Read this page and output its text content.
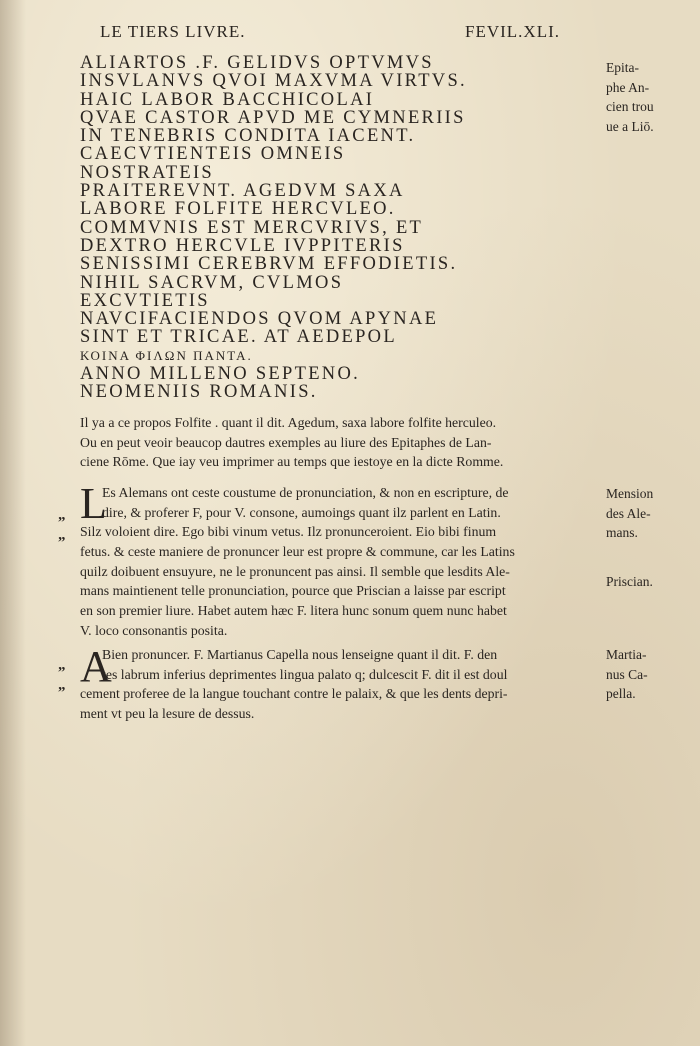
LE TIERS LIVRE.	FEVIL.XLI.
ALIARTOS .F. GELIDVS OPTVMVS
INSVLANVS QVOI MAXVMA VIRTVS.
HAIC LABOR BACCHICOLAI
QVAE CASTOR APVD ME CYMNERIIS
IN TENEBRIS CONDITA IACENT.
CAECVTIENTEIS OMNEIS
NOSTRATEIS
PRAITEREVNT. AGEDVM SAXA
LABORE FOLFITE HERCVLEO.
COMMVNIS EST MERCVRIVS, ET
DEXTRO HERCVLE IVPPITERIS
SENISSIMI CEREBRVM EFFODIETIS.
NIHIL SACRVM, CVLMOS
EXCVTIETIS
NAVCIFACIENDOS QVOM APYNAE
SINT ET TRICAE. AT AEDEPOL
ΚΟΙΝΑ ΦΙΛΩΝ ΠΑΝΤΑ.
ANNO MILLENO SEPTENO.
NEOMENIIS ROMANIS.
Epita-
phe An-
cien trou
ue a Liō.
Il ya a ce propos Folfite . quant il dit. Agedum, saxa labore folfite herculeo.
Ou en peut veoir beaucop dautres exemples au liure des Epitaphes de Lan-
ciene Rōme. Que iay veu imprimer au temps que iestoye en la dicte Romme.
„
„
L
Es Alemans ont ceste coustume de pronunciation, & non en escripture, de
dire, & proferer F, pour V. consone, aumoings quant ilz parlent en Latin.
Silz voloient dire. Ego bibi vinum vetus. Ilz pronunceroient. Eio bibi finum
fetus. & ceste maniere de pronuncer leur est propre & commune, car les Latins
quilz doibuent ensuyure, ne le pronuncent pas ainsi. Il semble que lesdits Ale-
mans maintienent telle pronunciation, pource que Priscian a laisse par escript
en son premier liure. Habet autem hæc F. litera hunc sonum quem nunc habet
V. loco consonantis posita.
Mension
des Ale-
mans.
Priscian.
„
„ A
Bien pronuncer. F. Martianus Capella nous lenseigne quant il dit. F. den
tes labrum inferius deprimentes lingua palato q; dulcescit F. dit il est doul
cement proferee de la langue touchant contre le palaix, & que les dents depri-
ment vt peu la lesure de dessus.
Martia-
nus Ca-
pella.
